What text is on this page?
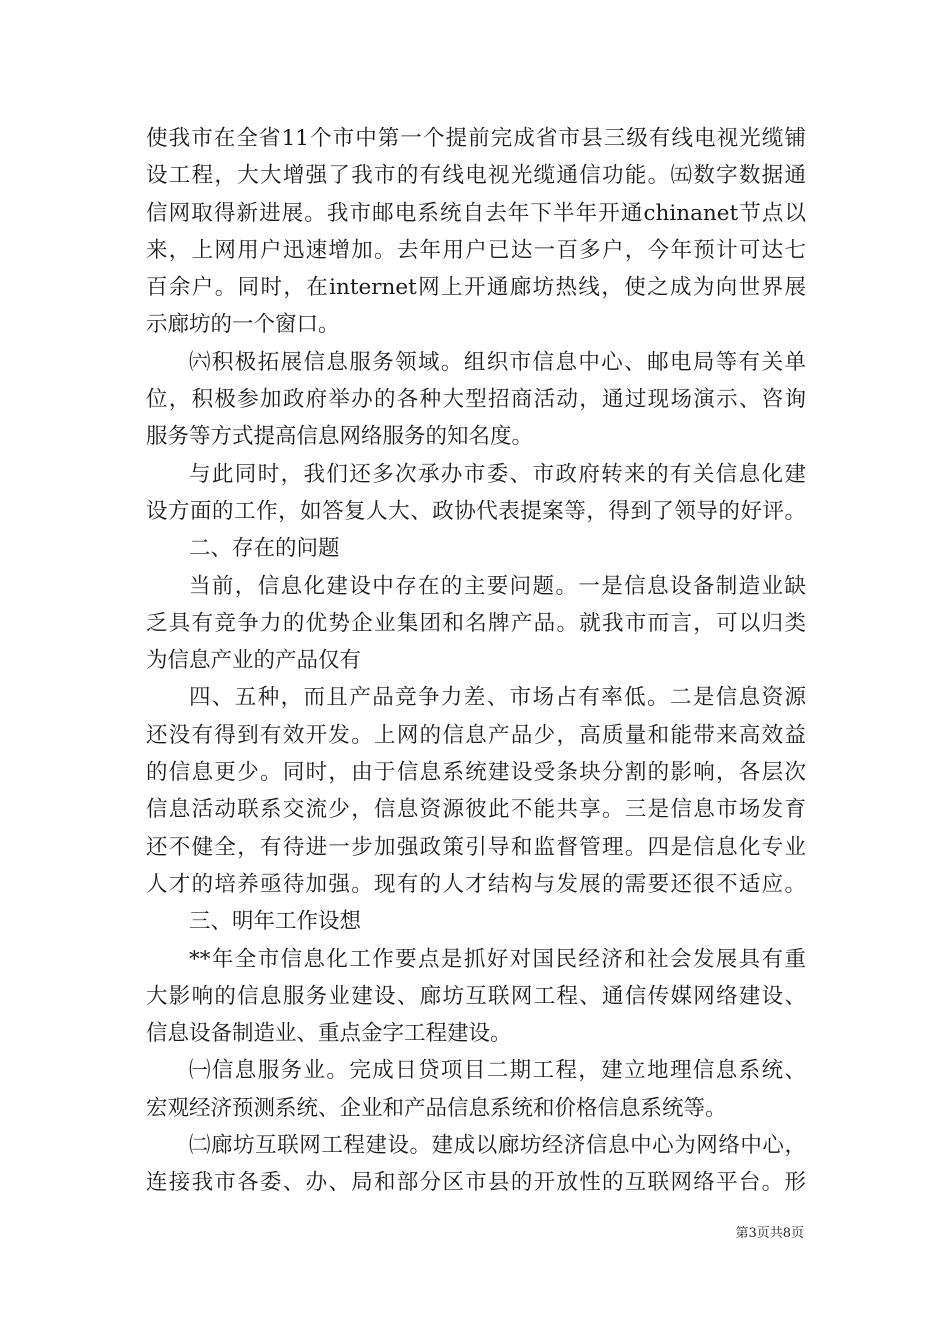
使我市在全省11个市中第一个提前完成省市县三级有线电视光缆铺
设工程，大大增强了我市的有线电视光缆通信功能。㈤数字数据通
信网取得新进展。我市邮电系统自去年下半年开通chinanet节点以
来，上网用户迅速增加。去年用户已达一百多户，今年预计可达七
百余户。同时，在internet网上开通廊坊热线，使之成为向世界展
示廊坊的一个窗口。
㈥积极拓展信息服务领域。组织市信息中心、邮电局等有关单
位，积极参加政府举办的各种大型招商活动，通过现场演示、咨询
服务等方式提高信息网络服务的知名度。
与此同时，我们还多次承办市委、市政府转来的有关信息化建
设方面的工作，如答复人大、政协代表提案等，得到了领导的好评。
二、存在的问题
当前，信息化建设中存在的主要问题。一是信息设备制造业缺
乏具有竞争力的优势企业集团和名牌产品。就我市而言，可以归类
为信息产业的产品仅有
四、五种，而且产品竞争力差、市场占有率低。二是信息资源
还没有得到有效开发。上网的信息产品少，高质量和能带来高效益
的信息更少。同时，由于信息系统建设受条块分割的影响，各层次
信息活动联系交流少，信息资源彼此不能共享。三是信息市场发育
还不健全，有待进一步加强政策引导和监督管理。四是信息化专业
人才的培养亟待加强。现有的人才结构与发展的需要还很不适应。
三、明年工作设想
**年全市信息化工作要点是抓好对国民经济和社会发展具有重
大影响的信息服务业建设、廊坊互联网工程、通信传媒网络建设、
信息设备制造业、重点金字工程建设。
㈠信息服务业。完成日贷项目二期工程，建立地理信息系统、
宏观经济预测系统、企业和产品信息系统和价格信息系统等。
㈡廊坊互联网工程建设。建成以廊坊经济信息中心为网络中心，
连接我市各委、办、局和部分区市县的开放性的互联网络平台。形
第3页共8页
